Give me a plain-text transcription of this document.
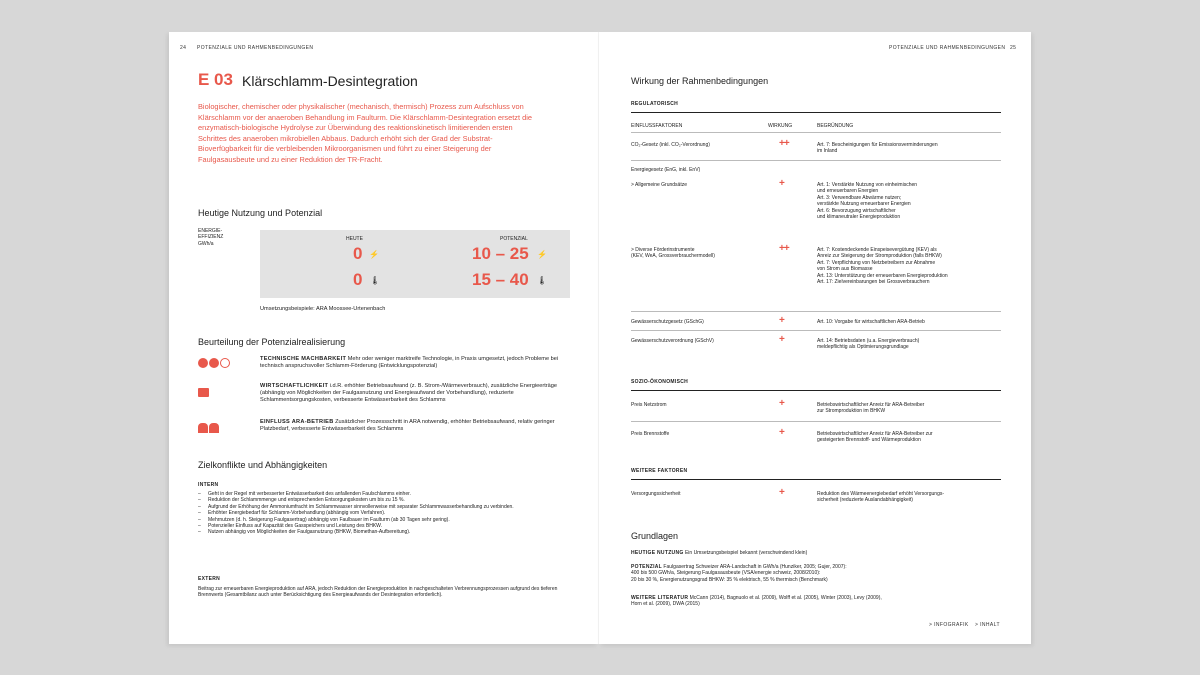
24 POTENZIALE UND RAHMENBEDINGUNGEN
E 03 Klärschlamm-Desintegration
Biologischer, chemischer oder physikalischer (mechanisch, thermisch) Prozess zum Aufschluss von Klärschlamm vor der anaeroben Behandlung im Faulturm. Die Klärschlamm-Desintegration ersetzt die enzymatisch-biologische Hydrolyse zur Überwindung des reaktionskinetisch limitierenden ersten Schrittes des anaeroben mikrobiellen Abbaus. Dadurch erhöht sich der Grad der Substrat-Bioverfügbarkeit für die verbleibenden Mikroorganismen und führt zu einer Steigerung der Faulgasausbeute und zu einer Reduktion der TR-Fracht.
Heutige Nutzung und Potenzial
ENERGIE-
EFFIZIENZ
GWh/a
HEUTE	POTENZIAL
0 ⚡	10 – 25 ⚡
0 🌡	15 – 40 🌡
Umsetzungsbeispiele: ARA Moossee-Urtenenbach
Beurteilung der Potenzialrealisierung
TECHNISCHE MACHBARKEIT Mehr oder weniger marktreife Technologie, in Praxis umgesetzt, jedoch Probleme bei technisch anspruchsvoller Schlamm-Förderung (Entwicklungspotenzial)
WIRTSCHAFTLICHKEIT i.d.R. erhöhter Betriebsaufwand (z. B. Strom-/Wärmeverbrauch), zusätzliche Energieerträge (abhängig von Möglichkeiten der Faulgasnutzung und Energieaufwand der Vorbehandlung), reduzierte Schlammentsorgungskosten, verbesserte Entwässerbarkeit des Schlamms
EINFLUSS ARA-BETRIEB Zusätzlicher Prozessschritt in ARA notwendig, erhöhter Betriebsaufwand, relativ geringer Platzbedarf, verbesserte Entwässerbarkeit des Schlamms
Zielkonflikte und Abhängigkeiten
INTERN
–	Geht in der Regel mit verbesserter Entwässerbarkeit des anfallenden Faulschlamms einher.
–	Reduktion der Schlammmenge und entsprechenden Entsorgungskosten um bis zu 15 %.
–	Aufgrund der Erhöhung der Ammoniumfracht im Schlammwasser sinnvollerweise mit separater Schlammwasserbehandlung zu verbinden.
–	Erhöhter Energiebedarf für Schlamm-Vorbehandlung (abhängig vom Verfahren).
–	Mehrnutzen (d. h. Steigerung Faulgasertrag) abhängig von Faulbauer im Faulturm (ab 30 Tagen sehr gering).
–	Potenzieller Einfluss auf Kapazität des Gasspeichers und Leistung des BHKW.
–	Nutzen abhängig von Möglichkeiten der Faulgasnutzung (BHKW, Biomethan-Aufbereitung).
EXTERN
Beitrag zur erneuerbaren Energieproduktion auf ARA, jedoch Reduktion der Energieproduktion in nachgeschalteten Verbrennungsprozessen aufgrund des tieferen Brennwerts (Gesamtbilanz auch unter Berücksichtigung des Energieaufwands der Desintegration erforderlich).
POTENZIALE UND RAHMENBEDINGUNGEN 25
Wirkung der Rahmenbedingungen
REGULATORISCH
EINFLUSSFAKTOREN	WIRKUNG	BEGRÜNDUNG
CO₂-Gesetz (inkl. CO₂-Verordnung)	++	Art. 7: Bescheinigungen für Emissionsverminderungen
im Inland
Energiegesetz (EnG, inkl. EnV)
> Allgemeine Grundsätze	+	Art. 1: Verstärkte Nutzung von einheimischen
und erneuerbaren Energien
Art. 3: Verwendbare Abwärme nutzen;
verstärkte Nutzung erneuerbarer Energien
Art. 6: Bevorzugung wirtschaftlicher
und klimaneutraler Energieproduktion
> Diverse Förderinstrumente
(KEV, WeA, Grossverbrauchermodell)
++	Art. 7: Kostendeckende Einspeisevergütung (KEV) als
Anreiz zur Steigerung der Stromproduktion (falls BHKW)
Art. 7: Verpflichtung von Netzbetreibern zur Abnahme
von Strom aus Biomasse
Art. 13: Unterstützung der erneuerbaren Energieproduktion
Art. 17: Zielvereinbarungen bei Grossverbrauchern
Gewässerschutzgesetz (GSchG)	+	Art. 10: Vorgabe für wirtschaftlichen ARA-Betrieb
Gewässerschutzverordnung (GSchV)	+	Art. 14: Betriebsdaten (u.a. Energieverbrauch)
meldepflichtig als Optimierungsgrundlage
SOZIO-ÖKONOMISCH
Preis Netzstrom	+	Betriebswirtschaftlicher Anreiz für ARA-Betreiber
zur Stromproduktion im BHKW
Preis Brennstoffe	+	Betriebswirtschaftlicher Anreiz für ARA-Betreiber zur
gesteigerten Brennstoff- und Wärmeproduktion
WEITERE FAKTOREN
Versorgungssicherheit	+	Reduktion des Wärmeenergiebedarf erhöht Versorgungs-
sicherheit (reduzierte Auslandabhängigkeit)
Grundlagen
HEUTIGE NUTZUNG Ein Umsetzungsbeispiel bekannt (verschwindend klein)
POTENZIAL Faulgasertrag Schweizer ARA-Landschaft in GWh/a (Hunziker, 2005; Gujer, 2007):
400 bis 500 GWh/a, Steigerung Faulgasausbeute (VSA/energie schweiz, 2008/2010):
20 bis 30 %, Energienutzungsgrad BHKW: 35 % elektrisch, 55 % thermisch (Benchmark)
WEITERE LITERATUR McCann (2014), Bagnuolo et al. (2009), Wolff et al. (2005), Winter (2003), Levy (2009),
Horn et al. (2009), DWA (2015)
> INFOGRAFIK > INHALT
